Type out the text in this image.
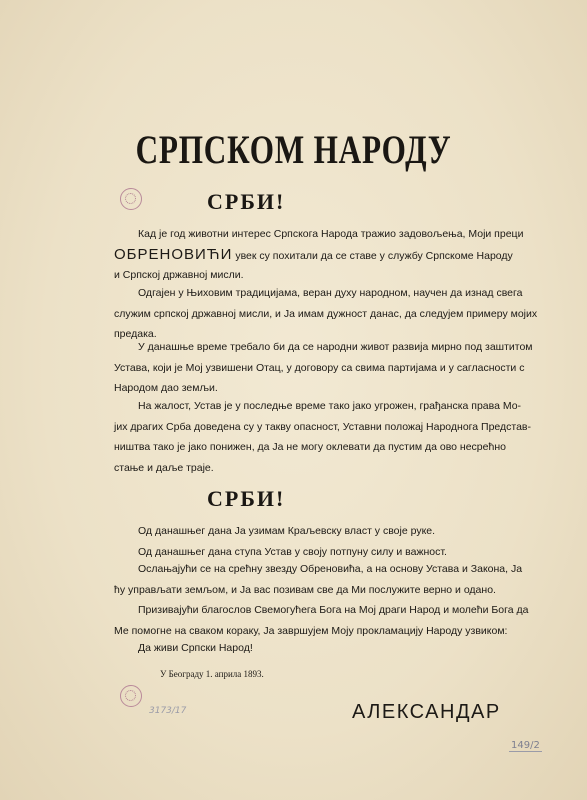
СРПСКОМ НАРОДУ
СРБИ!
Кад је год животни интерес Српскога Народа тражио задовољења, Моји преци
ОБРЕНОВИЋИ увек су похитали да се ставе у службу Српскоме Народу
и Српској државној мисли.
Одгајен у Њиховим традицијама, веран духу народном, научен да изнад свега
служим српској државној мисли, и Ја имам дужност данас, да следујем примеру мојих
предака.
У данашње време требало би да се народни живот развија мирно под заштитом
Устава, који је Мој узвишени Отац, у договору са свима партијама и у сагласности с
Народом дао земљи.
На жалост, Устав је у последње време тако јако угрожен, грађанска права Мо-
јих драгих Срба доведена су у такву опасност, Уставни положај Народнога Представ-
ништва тако је јако понижен, да Ја не могу оклевати да пустим да ово несрећно
стање и даље траје.
СРБИ!
Од данашњег дана Ја узимам Краљевску власт у своје руке.
Од данашњег дана ступа Устав у своју потпуну силу и важност.
Ослањајући се на срећну звезду Обреновића, а на основу Устава и Закона, Ја
ћу управљати земљом, и Ја вас позивам све да Ми послужите верно и одано.
Призивајући благослов Свемогућега Бога на Мој драги Народ и молећи Бога да
Ме помогне на сваком кораку, Ја завршујем Моју прокламацију Народу узвиком:
Да живи Српски Народ!
У Београду 1. априла 1893.
3173/17	АЛЕКСАНДАР
149/2
